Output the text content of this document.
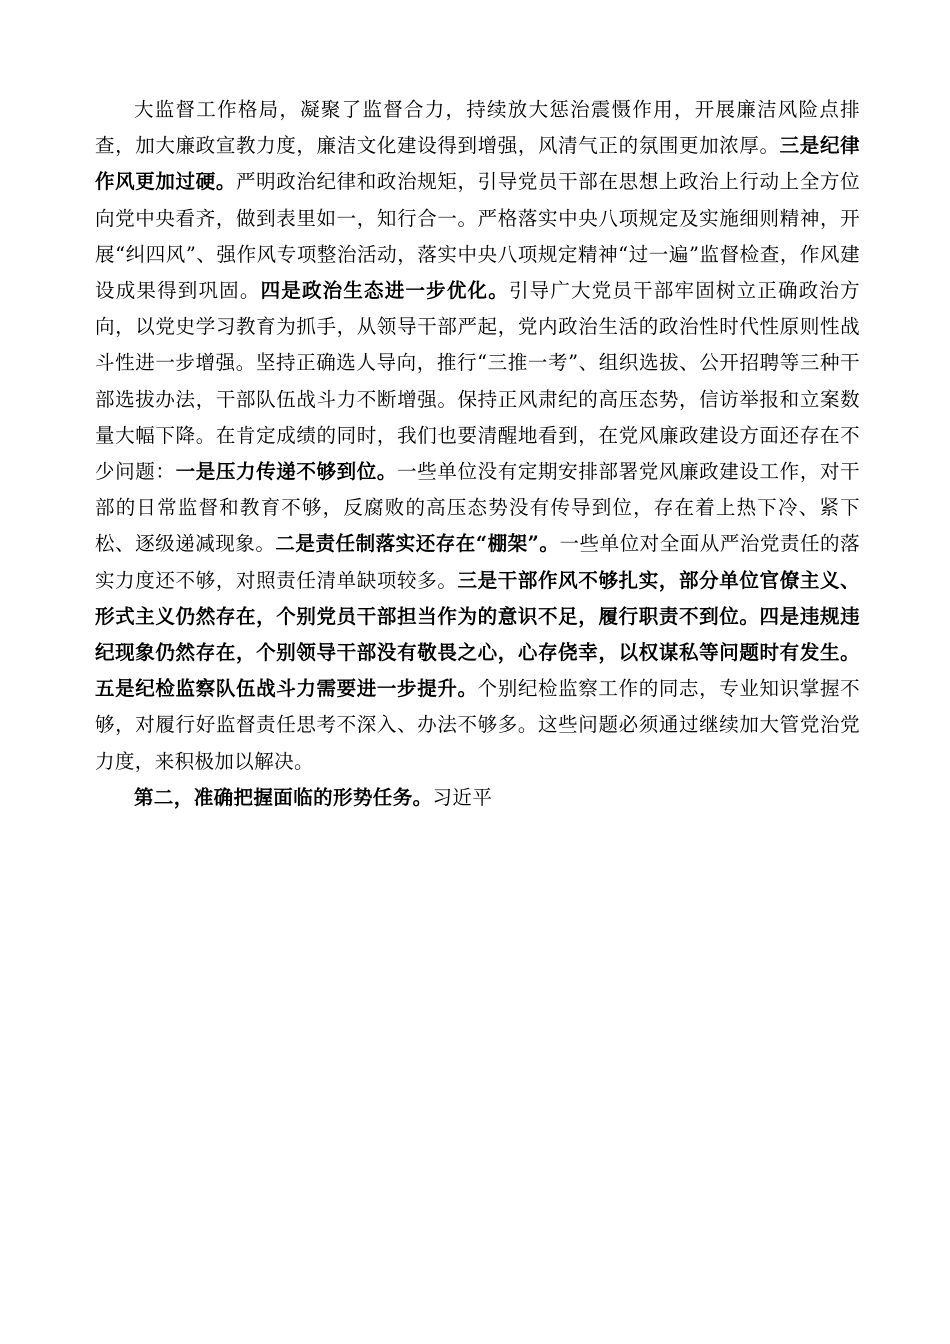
大监督工作格局，凝聚了监督合力，持续放大惩治震慑作用，开展廉洁风险点排查，加大廉政宣教力度，廉洁文化建设得到增强，风清气正的氛围更加浓厚。三是纪律作风更加过硬。严明政治纪律和政治规矩，引导党员干部在思想上政治上行动上全方位向党中央看齐，做到表里如一，知行合一。严格落实中央八项规定及实施细则精神，开展“纠四风”、强作风专项整治活动，落实中央八项规定精神“过一遍”监督检查，作风建设成果得到巩固。四是政治生态进一步优化。引导广大党员干部牢固树立正确政治方向，以党史学习教育为抓手，从领导干部严起，党内政治生活的政治性时代性原则性战斗性进一步增强。坚持正确选人导向，推行“三推一考”、组织选拔、公开招聘等三种干部选拔办法，干部队伍战斗力不断增强。保持正风肃纪的高压态势，信访举报和立案数量大幅下降。在肯定成绩的同时，我们也要清醒地看到，在党风廉政建设方面还存在不少问题：一是压力传递不够到位。一些单位没有定期安排部署党风廉政建设工作，对干部的日常监督和教育不够，反腐败的高压态势没有传导到位，存在着上热下冷、紧下松、逐级递减现象。二是责任制落实还存在“棚架”。一些单位对全面从严治党责任的落实力度还不够，对照责任清单缺项较多。三是干部作风不够扎实，部分单位官僚主义、形式主义仍然存在，个别党员干部担当作为的意识不足，履行职责不到位。四是违规违纪现象仍然存在，个别领导干部没有敬畏之心，心存侥幸，以权谋私等问题时有发生。五是纪检监察队伍战斗力需要进一步提升。个别纪检监察工作的同志，专业知识掌握不够，对履行好监督责任思考不深入、办法不够多。这些问题必须通过继续加大管党治党力度，来积极加以解决。

第二，准确把握面临的形势任务。习近平
